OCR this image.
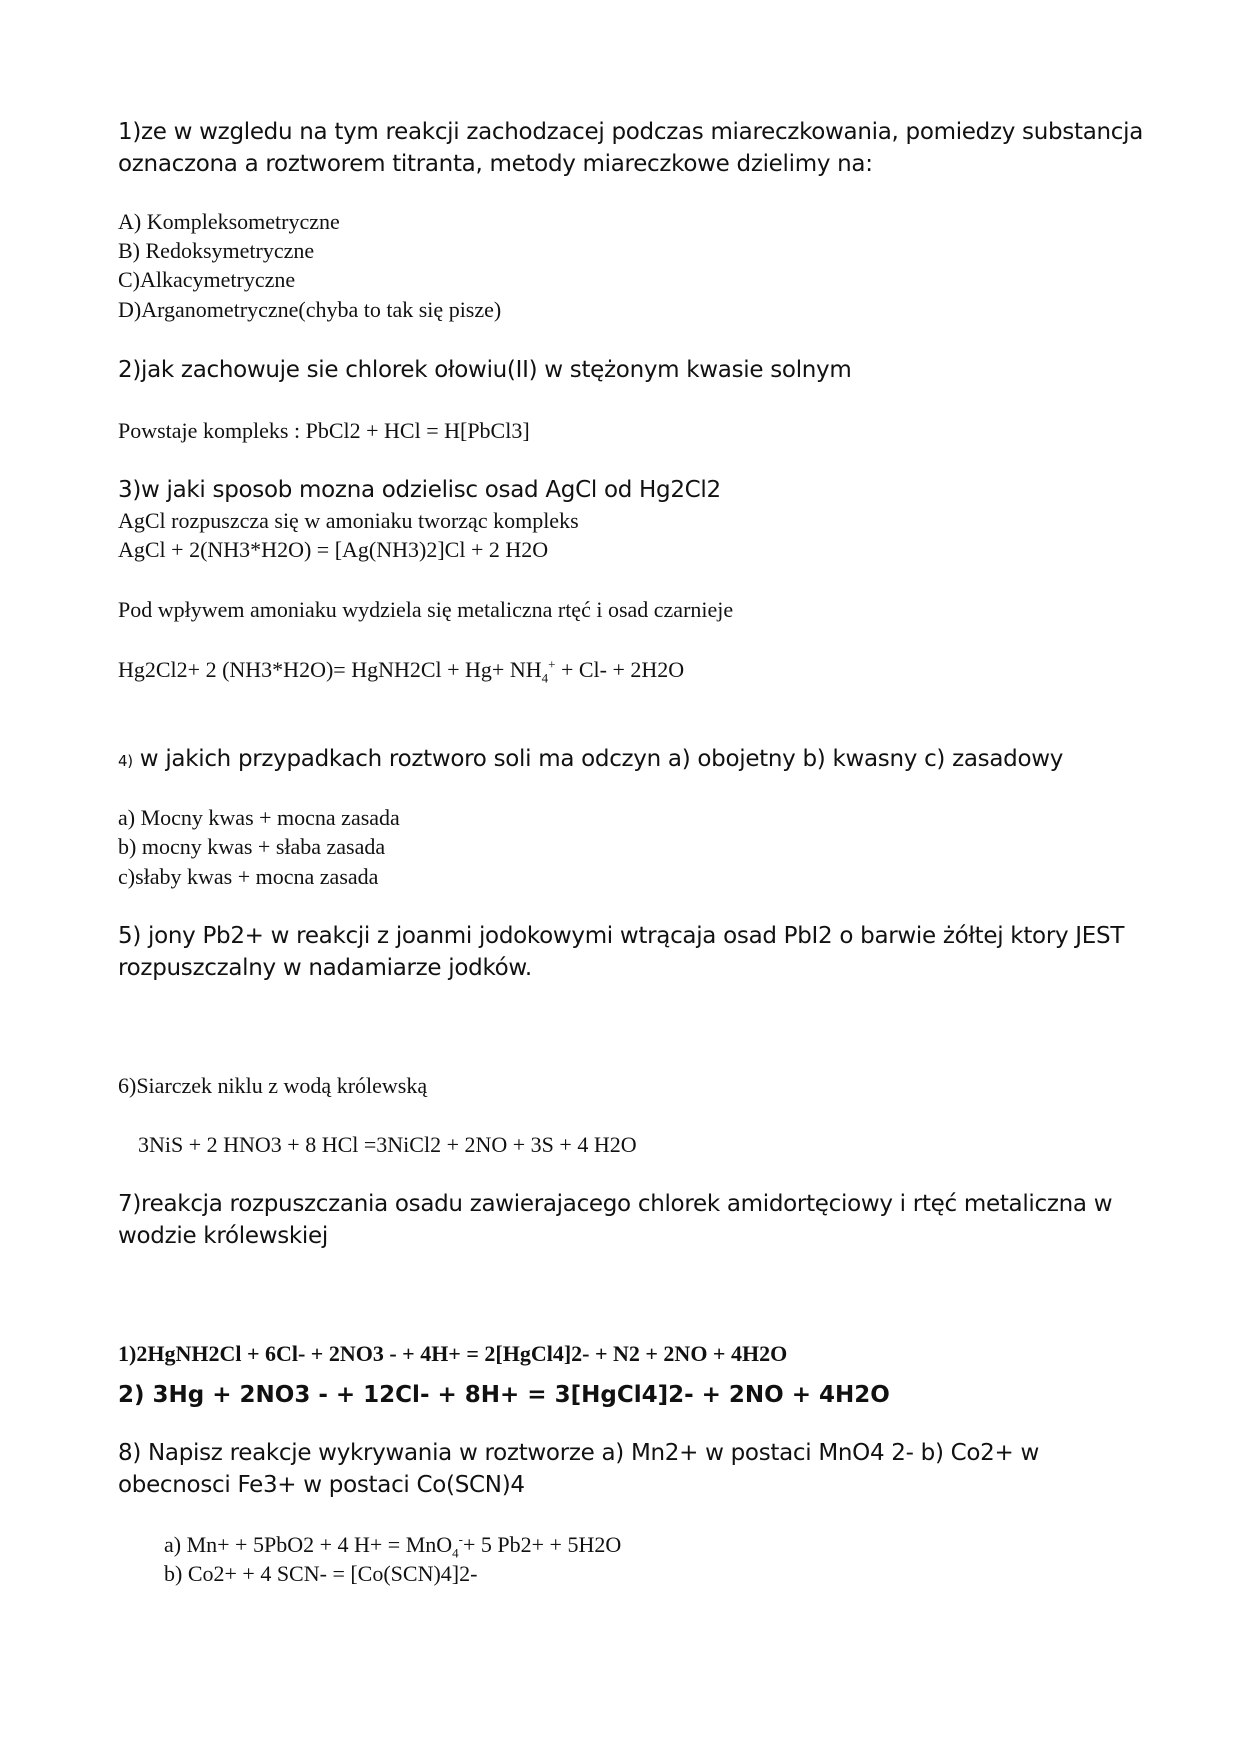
1)ze w wzgledu na tym reakcji zachodzacej podczas miareczkowania, pomiedzy substancja
oznaczona a roztworem titranta, metody miareczkowe dzielimy na:
A) Kompleksometryczne
B) Redoksymetryczne
C)Alkacymetryczne
D)Arganometryczne(chyba to tak się pisze)
2)jak zachowuje sie chlorek ołowiu(II) w stężonym kwasie solnym
Powstaje kompleks : PbCl2 + HCl = H[PbCl3]
3)w jaki sposob mozna odzielisc osad AgCl od Hg2Cl2
AgCl rozpuszcza się w amoniaku tworząc kompleks
AgCl + 2(NH3*H2O) = [Ag(NH3)2]Cl + 2 H2O
Pod wpływem amoniaku wydziela się metaliczna rtęć i osad czarnieje
Hg2Cl2+ 2 (NH3*H2O)= HgNH2Cl + $Hg+ NH_4^+ + Cl- + 2H2O$
4) w jakich przypadkach roztworo soli ma odczyn a) obojetny b) kwasny c) zasadowy
a) Mocny kwas + mocna zasada
b) mocny kwas + słaba zasada
c)słaby kwas + mocna zasada
5) jony Pb2+ w reakcji z joanmi jodokowymi wtrącaja osad PbI2 o barwie żółtej ktory JEST
rozpuszczalny w nadamiarze jodków.
6)Siarczek niklu z wodą królewską
3NiS + 2 HNO3 + 8 HCl =3NiCl2 + 2NO + 3S + 4 H2O
7)reakcja rozpuszczania osadu zawierajacego chlorek amidortęciowy i rtęć metaliczna w
wodzie królewskiej
1)2HgNH2Cl + 6Cl- + 2NO3 - + 4H+ = 2[HgCl4]2- + N2 + 2NO + 4H2O
2) 3Hg + 2NO3 - + 12Cl- + 8H+ = 3[HgCl4]2- + 2NO + 4H2O
8) Napisz reakcje wykrywania w roztworze a) Mn2+ w postaci MnO4 2- b) Co2+ w
obecnosci Fe3+ w postaci Co(SCN)4
a) Mn+ + 5PbO2 + 4 H+ = MnO$_4$-+ 5 Pb2+ + 5H2O
b) Co2+ + 4 SCN- = [Co(SCN)4]2-
